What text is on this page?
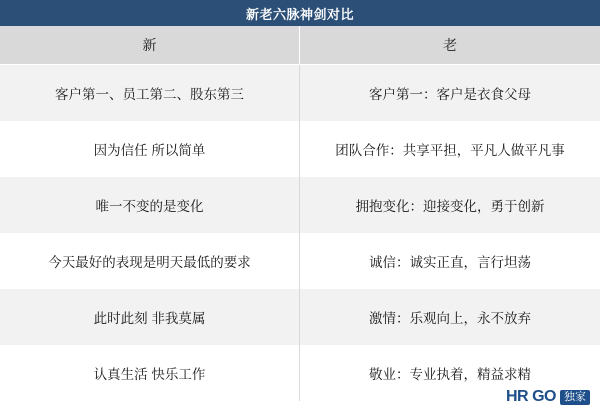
新老六脉神剑对比
新	老
客户第一、员工第二、股东第三	客户第一：客户是衣食父母
因为信任 所以简单	团队合作：共享平担，平凡人做平凡事
唯一不变的是变化	拥抱变化：迎接变化，勇于创新
今天最好的表现是明天最低的要求	诚信：诚实正直，言行坦荡
此时此刻 非我莫属	激情：乐观向上，永不放弃
认真生活 快乐工作	敬业：专业执着，精益求精
HR GO 独家
